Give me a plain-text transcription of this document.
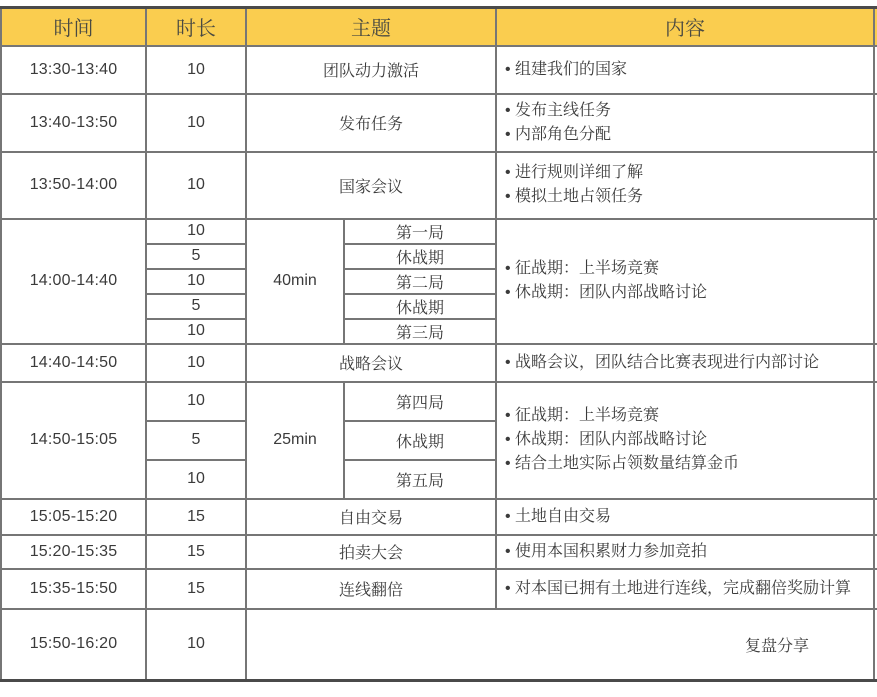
时间	时长	主题		内容	
13:30-13:40	10	团队动力激活		• 组建我们的国家	

13:40-13:50	10	发布任务		• 发布主线任务
• 内部角色分配	

13:50-14:00	10	国家会议		• 进行规则详细了解
• 模拟土地占领任务	

14:00-14:40	10	40min	第一局	• 征战期：上半场竞赛
• 休战期：团队内部战略讨论	

	5		休战期		
	10		第二局		
	5		休战期		
	10		第三局		
14:40-14:50	10	战略会议		• 战略会议，团队结合比赛表现进行内部讨论	

14:50-15:05	10	25min	第四局	• 征战期：上半场竞赛
• 休战期：团队内部战略讨论
• 结合土地实际占领数量结算金币	

	5		休战期		
	10		第五局		
15:05-15:20	15	自由交易		• 土地自由交易	

15:20-15:35	15	拍卖大会		• 使用本国积累财力参加竞拍	

15:35-15:50	15	连线翻倍		• 对本国已拥有土地进行连线，完成翻倍奖励计算	

15:50-16:20	10	复盘分享			
